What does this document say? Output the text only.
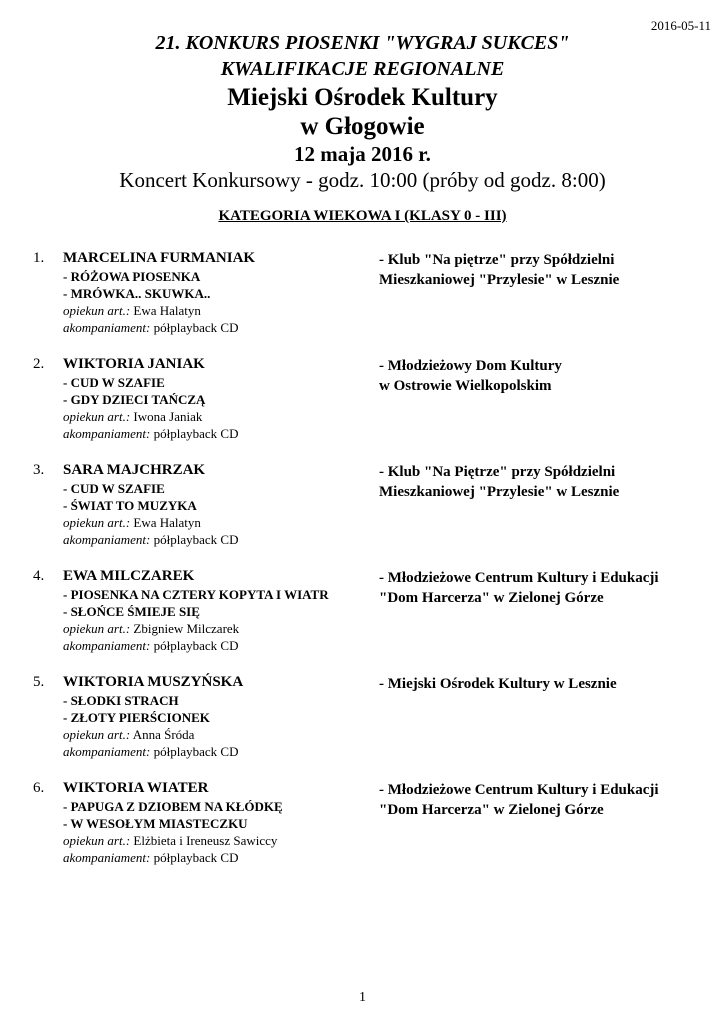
2016-05-11
21. KONKURS PIOSENKI "WYGRAJ SUKCES"
KWALIFIKACJE REGIONALNE
Miejski Ośrodek Kultury
w Głogowie
12 maja 2016 r.
Koncert Konkursowy - godz. 10:00 (próby od godz. 8:00)
KATEGORIA WIEKOWA I (KLASY 0 - III)
1. MARCELINA FURMANIAK
- RÓŻOWA PIOSENKA
- MRÓWKA.. SKUWKA..
opiekun art.: Ewa Halatyn
akompaniament: półplayback CD
- Klub "Na piętrze" przy Spółdzielni
Mieszkaniowej "Przylesie" w Lesznie
2. WIKTORIA JANIAK
- CUD W SZAFIE
- GDY DZIECI TAŃCZĄ
opiekun art.: Iwona Janiak
akompaniament: półplayback CD
- Młodzieżowy Dom Kultury
w Ostrowie Wielkopolskim
3. SARA MAJCHRZAK
- CUD W SZAFIE
- ŚWIAT TO MUZYKA
opiekun art.: Ewa Halatyn
akompaniament: półplayback CD
- Klub "Na Piętrze" przy Spółdzielni
Mieszkaniowej "Przylesie" w Lesznie
4. EWA MILCZAREK
- PIOSENKA NA CZTERY KOPYTA I WIATR
- SŁOŃCE ŚMIEJE SIĘ
opiekun art.: Zbigniew Milczarek
akompaniament: półplayback CD
- Młodzieżowe Centrum Kultury i Edukacji
"Dom Harcerza" w Zielonej Górze
5. WIKTORIA MUSZYŃSKA
- SŁODKI STRACH
- ZŁOTY PIERŚCIONEK
opiekun art.: Anna Śróda
akompaniament: półplayback CD
- Miejski Ośrodek Kultury w Lesznie
6. WIKTORIA WIATER
- PAPUGA Z DZIOBEM NA KŁÓDKĘ
- W WESOŁYM MIASTECZKU
opiekun art.: Elżbieta i Ireneusz Sawiccy
akompaniament: półplayback CD
- Młodzieżowe Centrum Kultury i Edukacji
"Dom Harcerza" w Zielonej Górze
1
